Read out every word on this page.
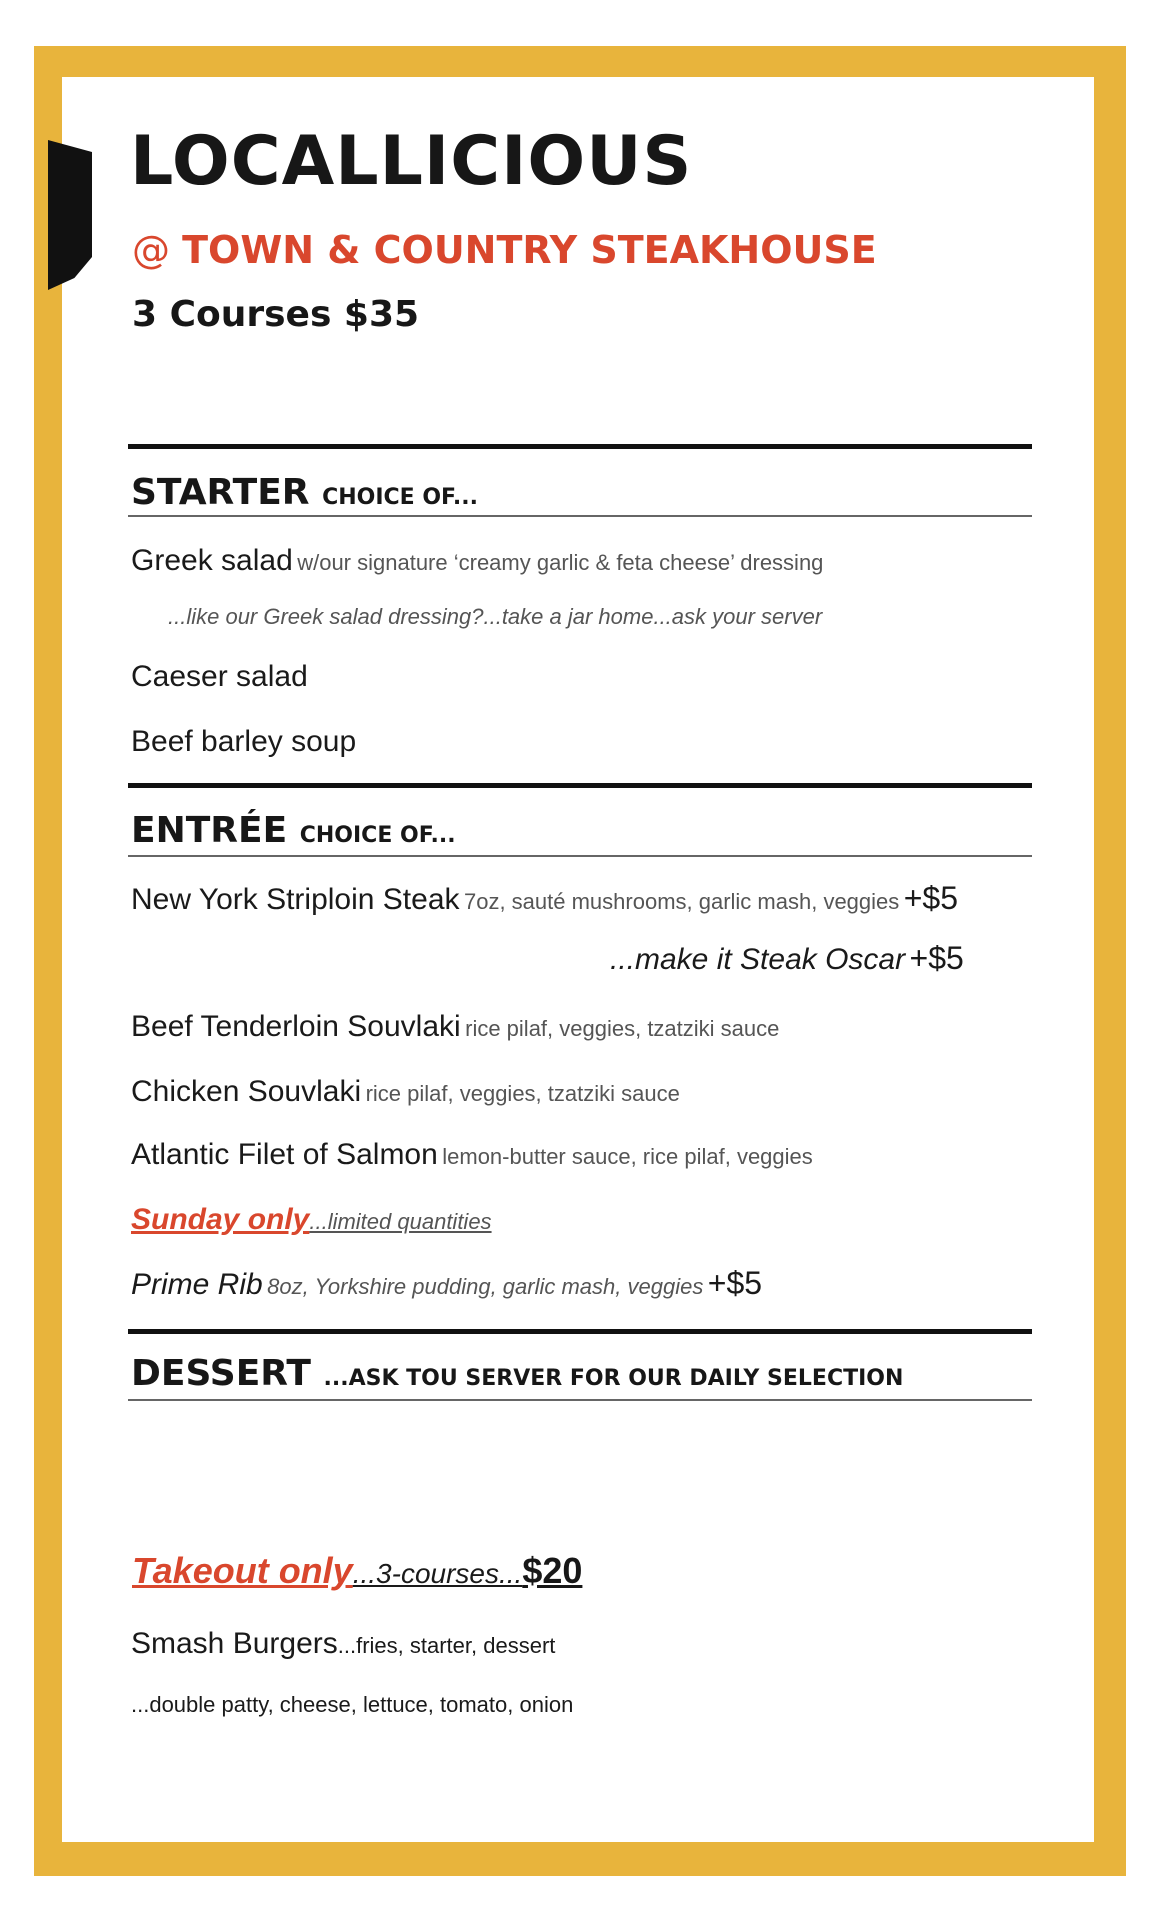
LOCALLICIOUS
@ TOWN & COUNTRY STEAKHOUSE
3 Courses $35
STARTER CHOICE OF...
Greek salad w/our signature ‘creamy garlic & feta cheese’ dressing
...like our Greek salad dressing?...take a jar home...ask your server
Caeser salad
Beef barley soup
ENTRÉE CHOICE OF...
New York Striploin Steak 7oz, sauté mushrooms, garlic mash, veggies +$5
...make it Steak Oscar +$5
Beef Tenderloin Souvlaki rice pilaf, veggies, tzatziki sauce
Chicken Souvlaki rice pilaf, veggies, tzatziki sauce
Atlantic Filet of Salmon lemon-butter sauce, rice pilaf, veggies
Sunday only...limited quantities
Prime Rib 8oz, Yorkshire pudding, garlic mash, veggies +$5
DESSERT ...ASK TOU SERVER FOR OUR DAILY SELECTION
Takeout only...3-courses...$20
Smash Burgers...fries, starter, dessert
...double patty, cheese, lettuce, tomato, onion
